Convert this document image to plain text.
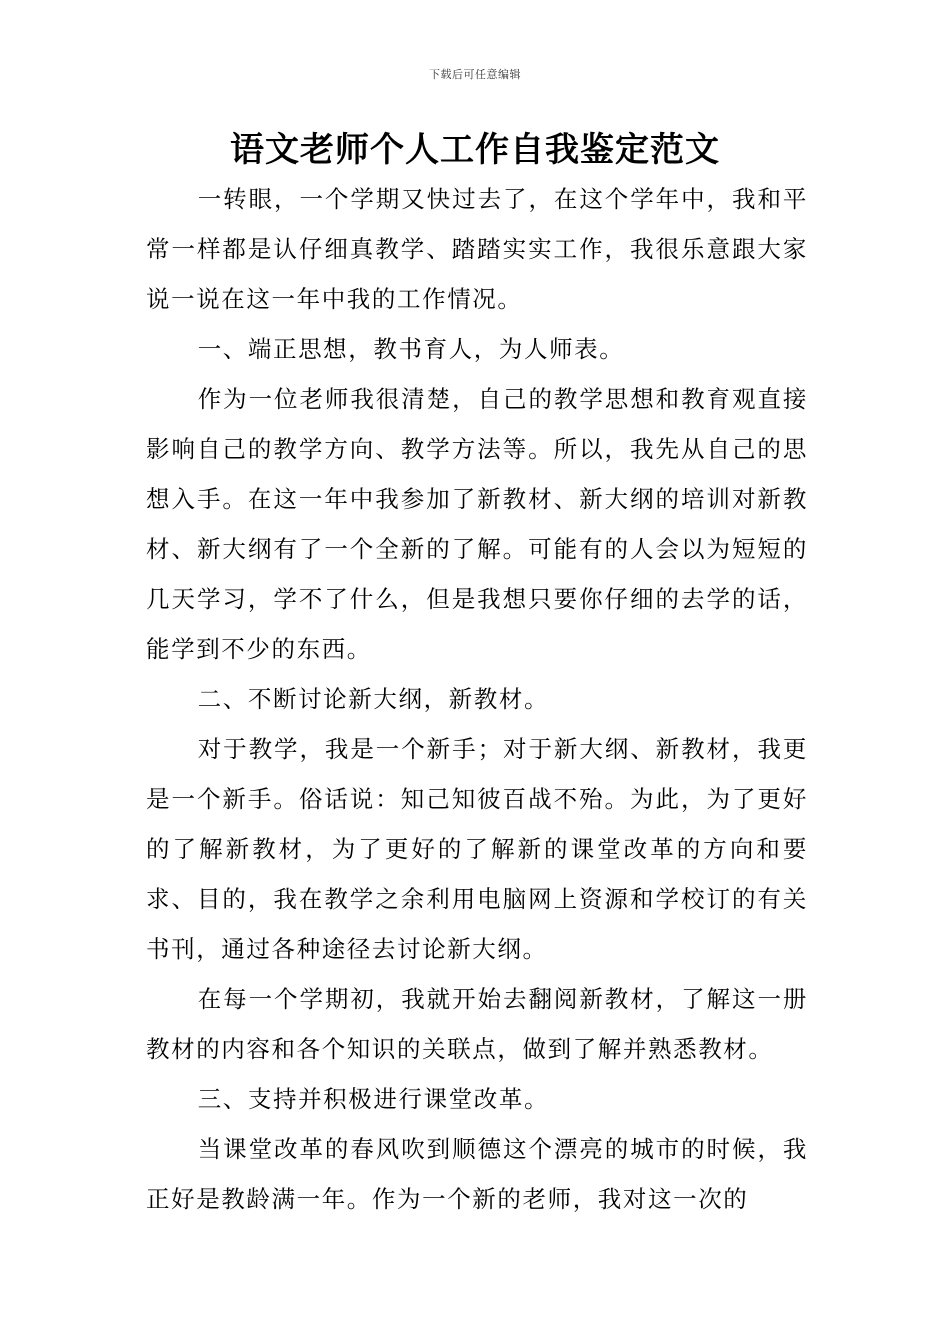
下载后可任意编辑
语文老师个人工作自我鉴定范文

一转眼，一个学期又快过去了，在这个学年中，我和平常一样都是认仔细真教学、踏踏实实工作，我很乐意跟大家说一说在这一年中我的工作情况。

一、端正思想，教书育人，为人师表。

作为一位老师我很清楚，自己的教学思想和教育观直接影响自己的教学方向、教学方法等。所以，我先从自己的思想入手。在这一年中我参加了新教材、新大纲的培训对新教材、新大纲有了一个全新的了解。可能有的人会以为短短的几天学习，学不了什么，但是我想只要你仔细的去学的话，能学到不少的东西。

二、不断讨论新大纲，新教材。

对于教学，我是一个新手；对于新大纲、新教材，我更是一个新手。俗话说：知己知彼百战不殆。为此，为了更好的了解新教材，为了更好的了解新的课堂改革的方向和要求、目的，我在教学之余利用电脑网上资源和学校订的有关书刊，通过各种途径去讨论新大纲。

在每一个学期初，我就开始去翻阅新教材，了解这一册教材的内容和各个知识的关联点，做到了解并熟悉教材。

三、支持并积极进行课堂改革。

当课堂改革的春风吹到顺德这个漂亮的城市的时候，我正好是教龄满一年。作为一个新的老师，我对这一次的
